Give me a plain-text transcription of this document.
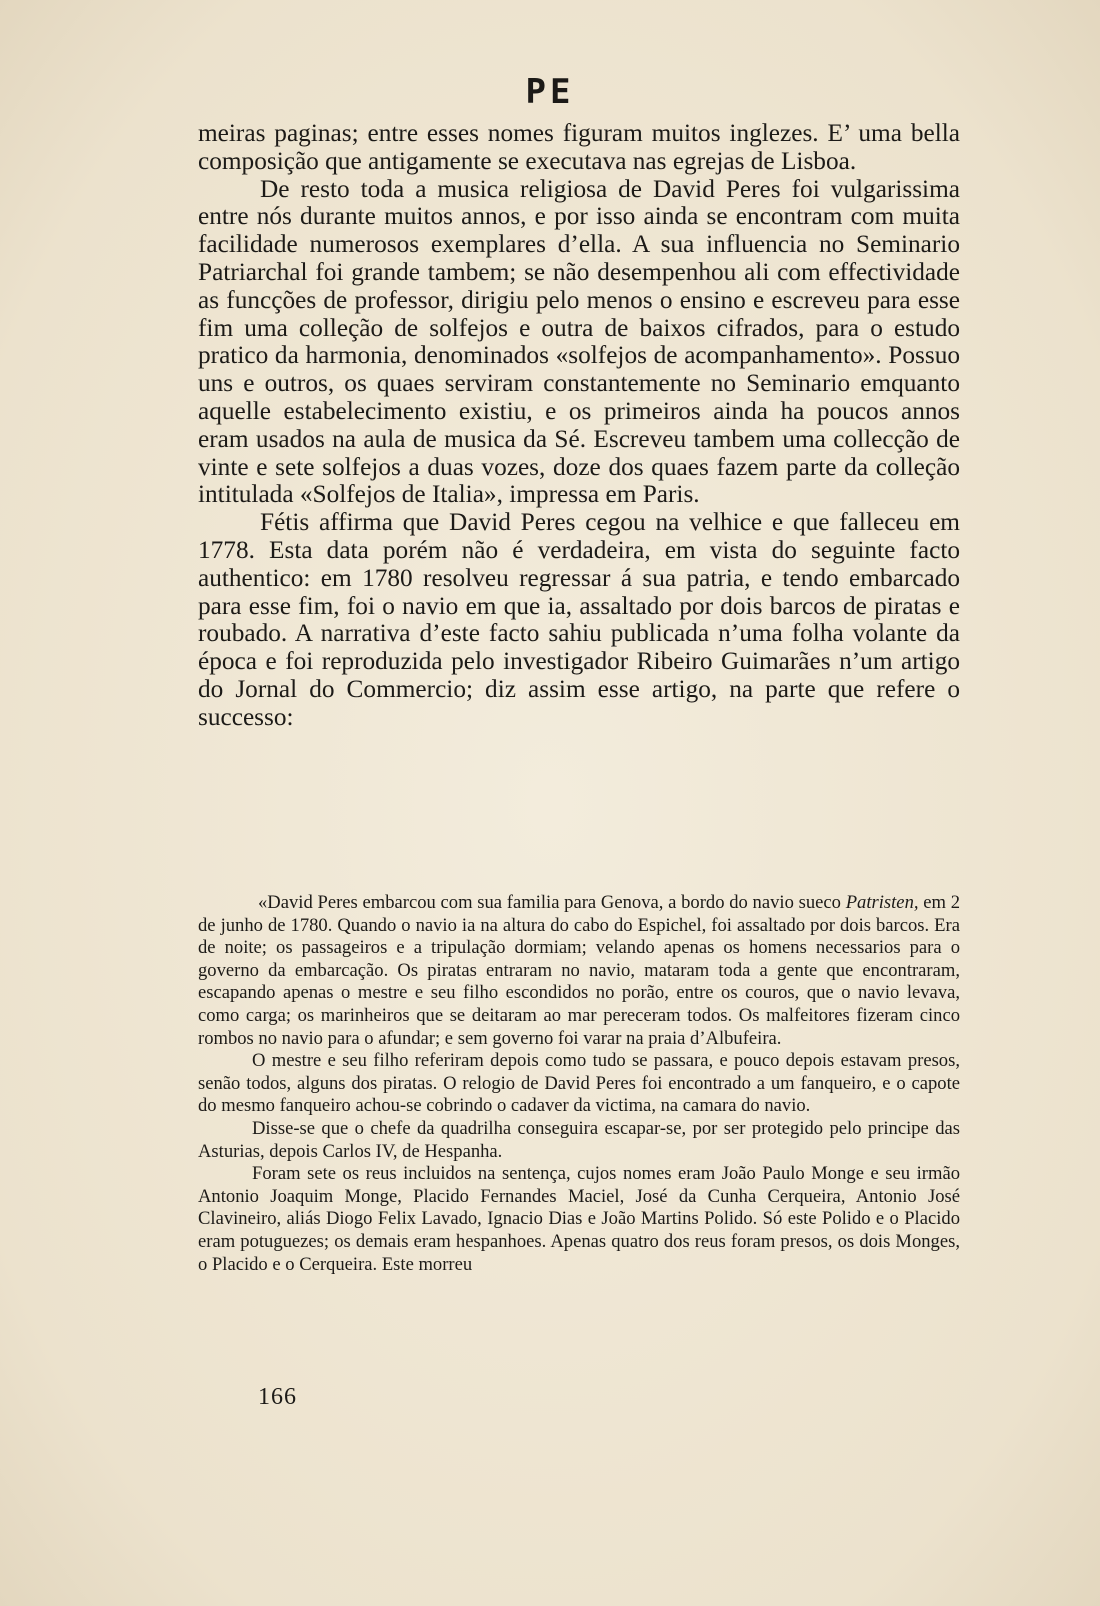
PE

meiras paginas; entre esses nomes figuram muitos inglezes. E’ uma bella composição que antigamente se executava nas egrejas de Lisboa.

De resto toda a musica religiosa de David Peres foi vulgarissima entre nós durante muitos annos, e por isso ainda se encontram com muita facilidade numerosos exemplares d’ella. A sua influencia no Seminario Patriarchal foi grande tambem; se não desempenhou ali com effectividade as funcções de professor, dirigiu pelo menos o ensino e escreveu para esse fim uma colleção de solfejos e outra de baixos cifrados, para o estudo pratico da harmonia, denominados «solfejos de acompanhamento». Possuo uns e outros, os quaes serviram constantemente no Seminario emquanto aquelle estabelecimento existiu, e os primeiros ainda ha poucos annos eram usados na aula de musica da Sé. Escreveu tambem uma collecção de vinte e sete solfejos a duas vozes, doze dos quaes fazem parte da colleção intitulada «Solfejos de Italia», impressa em Paris.

Fétis affirma que David Peres cegou na velhice e que falleceu em 1778. Esta data porém não é verdadeira, em vista do seguinte facto authentico: em 1780 resolveu regressar á sua patria, e tendo embarcado para esse fim, foi o navio em que ia, assaltado por dois barcos de piratas e roubado. A narrativa d’este facto sahiu publicada n’uma folha volante da época e foi reproduzida pelo investigador Ribeiro Guimarães n’um artigo do Jornal do Commercio; diz assim esse artigo, na parte que refere o successo:

«David Peres embarcou com sua familia para Genova, a bordo do navio sueco Patristen, em 2 de junho de 1780. Quando o navio ia na altura do cabo do Espichel, foi assaltado por dois barcos. Era de noite; os passageiros e a tripulação dormiam; velando apenas os homens necessarios para o governo da embarcação. Os piratas entraram no navio, mataram toda a gente que encontraram, escapando apenas o mestre e seu filho escondidos no porão, entre os couros, que o navio levava, como carga; os marinheiros que se deitaram ao mar pereceram todos. Os malfeitores fizeram cinco rombos no navio para o afundar; e sem governo foi varar na praia d’Albufeira.

O mestre e seu filho referiram depois como tudo se passara, e pouco depois estavam presos, senão todos, alguns dos piratas. O relogio de David Peres foi encontrado a um fanqueiro, e o capote do mesmo fanqueiro achou-se cobrindo o cadaver da victima, na camara do navio.

Disse-se que o chefe da quadrilha conseguira escapar-se, por ser protegido pelo principe das Asturias, depois Carlos IV, de Hespanha.

Foram sete os reus incluidos na sentença, cujos nomes eram João Paulo Monge e seu irmão Antonio Joaquim Monge, Placido Fernandes Maciel, José da Cunha Cerqueira, Antonio José Clavineiro, aliás Diogo Felix Lavado, Ignacio Dias e João Martins Polido. Só este Polido e o Placido eram potuguezes; os demais eram hespanhoes. Apenas quatro dos reus foram presos, os dois Monges, o Placido e o Cerqueira. Este morreu

166
